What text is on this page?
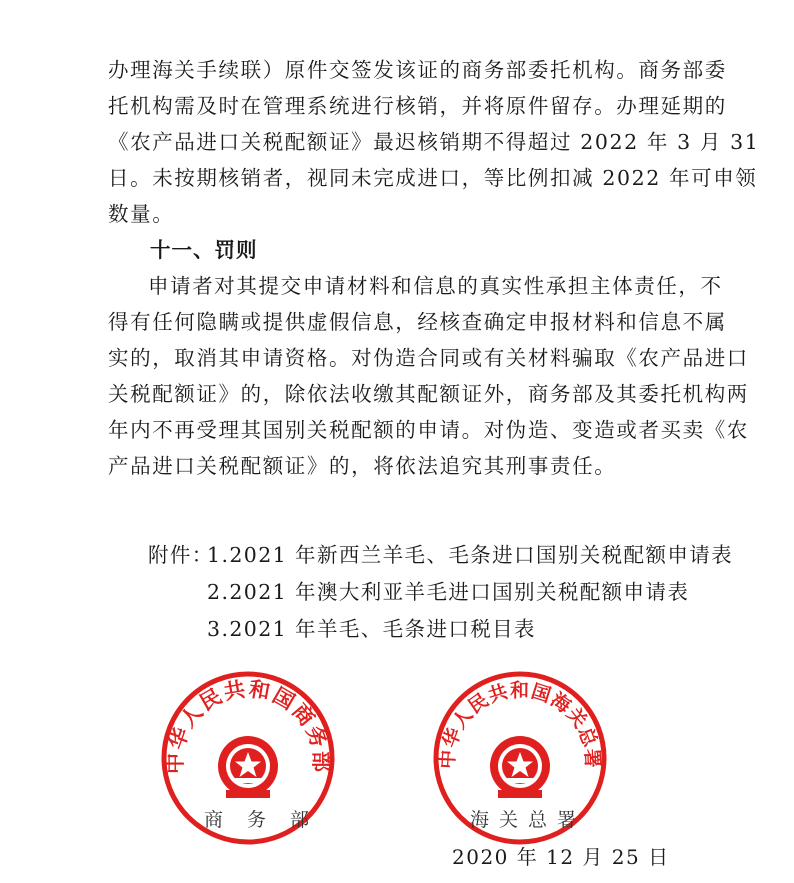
办理海关手续联）原件交签发该证的商务部委托机构。商务部委
托机构需及时在管理系统进行核销，并将原件留存。办理延期的
《农产品进口关税配额证》最迟核销期不得超过 2022 年 3 月 31
日。未按期核销者，视同未完成进口，等比例扣减 2022 年可申领
数量。
十一、罚则
申请者对其提交申请材料和信息的真实性承担主体责任，不
得有任何隐瞒或提供虚假信息，经核查确定申报材料和信息不属
实的，取消其申请资格。对伪造合同或有关材料骗取《农产品进口
关税配额证》的，除依法收缴其配额证外，商务部及其委托机构两
年内不再受理其国别关税配额的申请。对伪造、变造或者买卖《农
产品进口关税配额证》的，将依法追究其刑事责任。
附件：
1.2021 年新西兰羊毛、毛条进口国别关税配额申请表
2.2021 年澳大利亚羊毛进口国别关税配额申请表
3.2021 年羊毛、毛条进口税目表
中华人民共和国商务部
商务部
中华人民共和国海关总署
海关总署
2020 年 12 月 25 日
